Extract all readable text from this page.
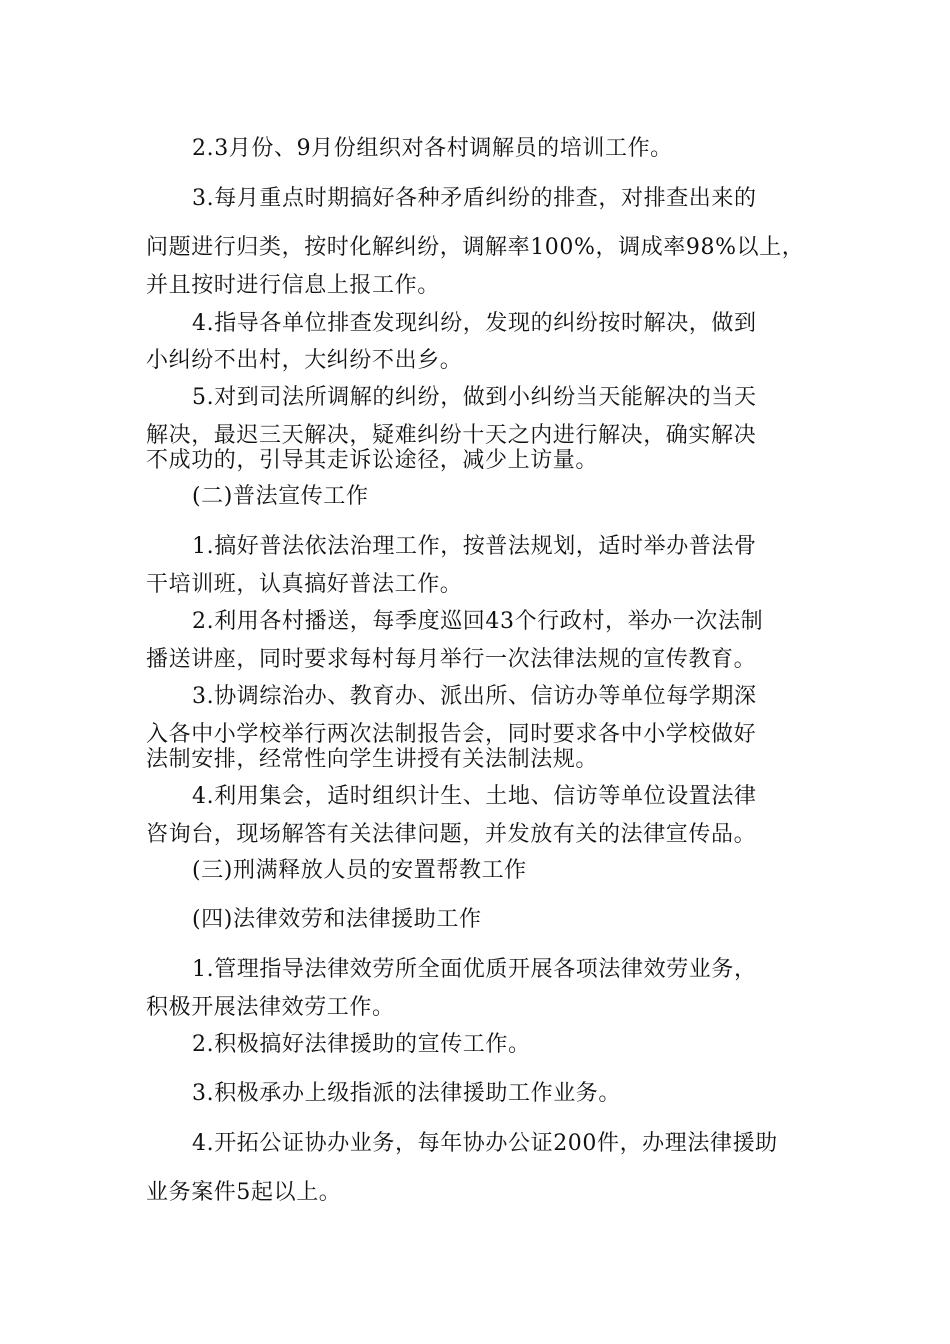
2.3月份、9月份组织对各村调解员的培训工作。
3.每月重点时期搞好各种矛盾纠纷的排查，对排查出来的
问题进行归类，按时化解纠纷，调解率100%，调成率98%以上，
并且按时进行信息上报工作。
4.指导各单位排查发现纠纷，发现的纠纷按时解决，做到
小纠纷不出村，大纠纷不出乡。
5.对到司法所调解的纠纷，做到小纠纷当天能解决的当天
解决，最迟三天解决，疑难纠纷十天之内进行解决，确实解决
不成功的，引导其走诉讼途径，减少上访量。
(二)普法宣传工作
1.搞好普法依法治理工作，按普法规划，适时举办普法骨
干培训班，认真搞好普法工作。
2.利用各村播送，每季度巡回43个行政村，举办一次法制
播送讲座，同时要求每村每月举行一次法律法规的宣传教育。
3.协调综治办、教育办、派出所、信访办等单位每学期深
入各中小学校举行两次法制报告会，同时要求各中小学校做好
法制安排，经常性向学生讲授有关法制法规。
4.利用集会，适时组织计生、土地、信访等单位设置法律
咨询台，现场解答有关法律问题，并发放有关的法律宣传品。
(三)刑满释放人员的安置帮教工作
(四)法律效劳和法律援助工作
1.管理指导法律效劳所全面优质开展各项法律效劳业务，
积极开展法律效劳工作。
2.积极搞好法律援助的宣传工作。
3.积极承办上级指派的法律援助工作业务。
4.开拓公证协办业务，每年协办公证200件，办理法律援助
业务案件5起以上。
